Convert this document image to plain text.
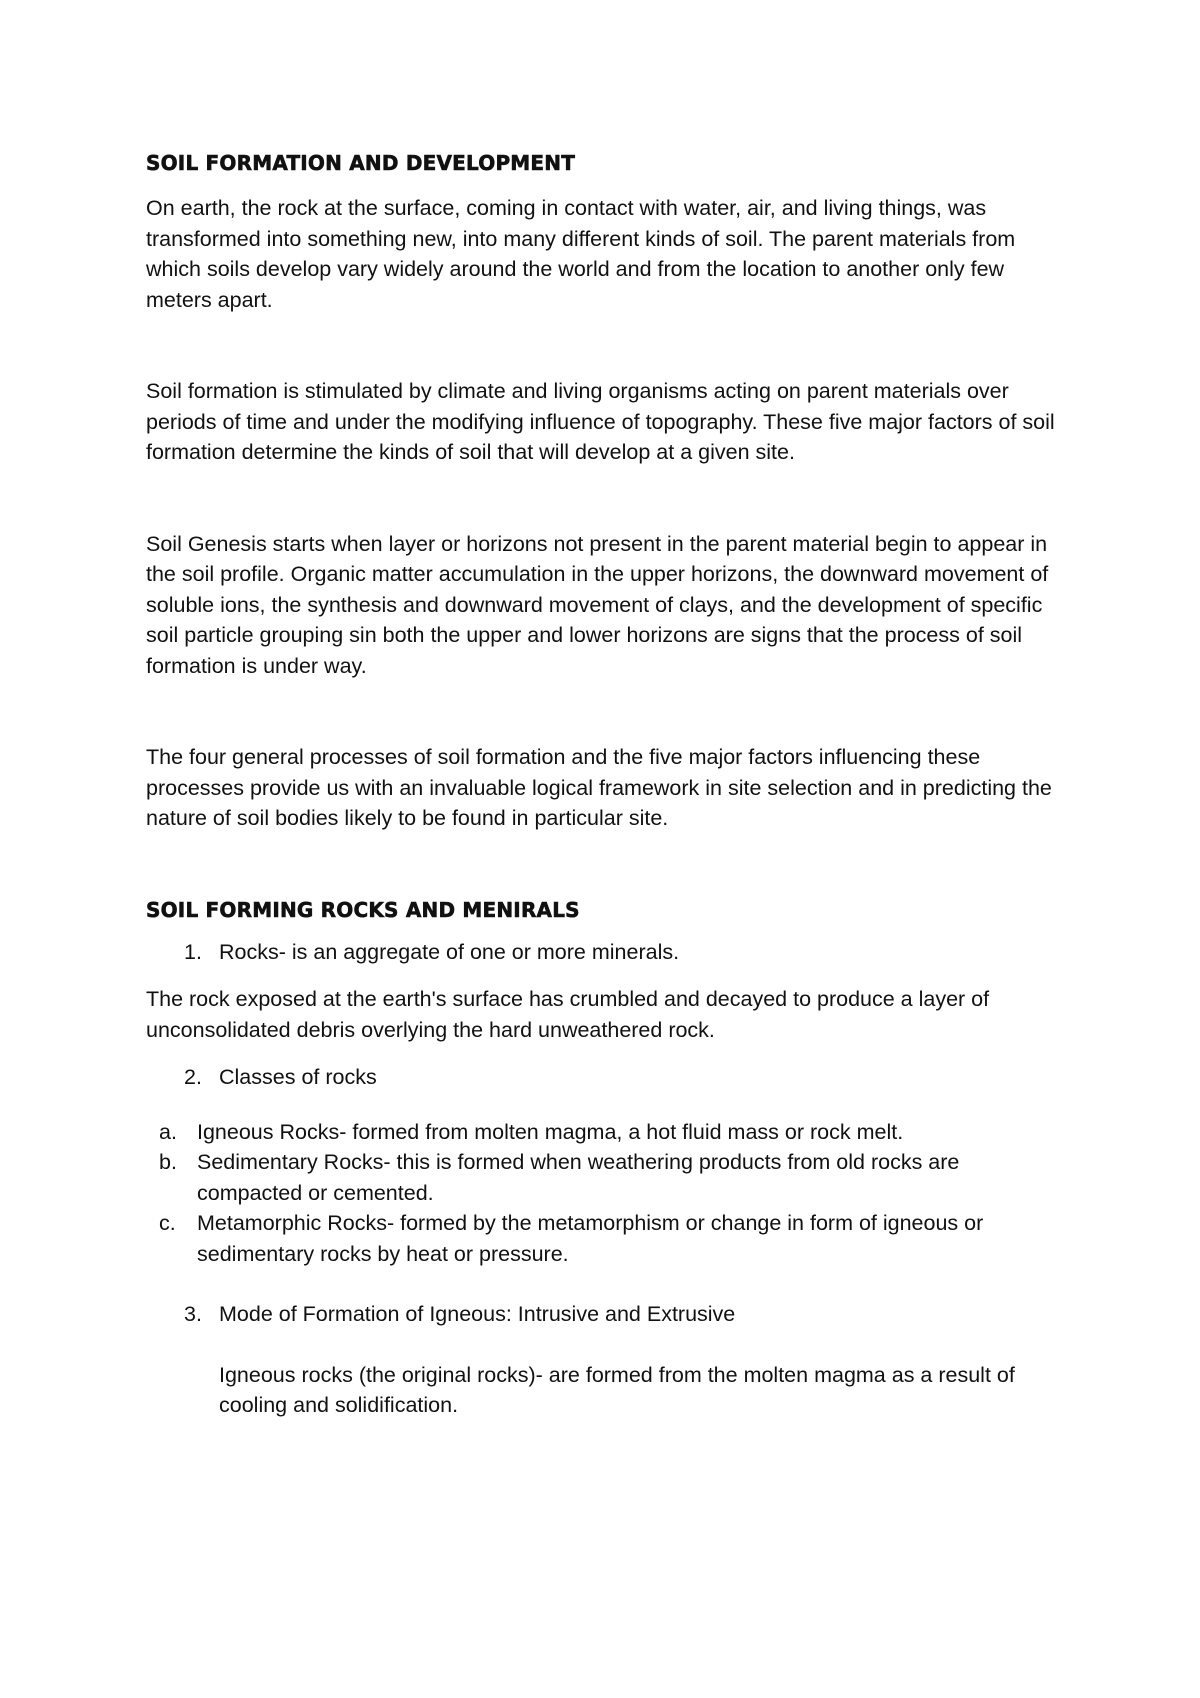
SOIL FORMATION AND DEVELOPMENT

On earth, the rock at the surface, coming in contact with water, air, and living things, was transformed into something new, into many different kinds of soil. The parent materials from which soils develop vary widely around the world and from the location to another only few meters apart.

Soil formation is stimulated by climate and living organisms acting on parent materials over periods of time and under the modifying influence of topography. These five major factors of soil formation determine the kinds of soil that will develop at a given site.

Soil Genesis starts when layer or horizons not present in the parent material begin to appear in the soil profile. Organic matter accumulation in the upper horizons, the downward movement of soluble ions, the synthesis and downward movement of clays, and the development of specific soil particle grouping sin both the upper and lower horizons are signs that the process of soil formation is under way.

The four general processes of soil formation and the five major factors influencing these processes provide us with an invaluable logical framework in site selection and in predicting the nature of soil bodies likely to be found in particular site.

SOIL FORMING ROCKS AND MENIRALS
1. Rocks- is an aggregate of one or more minerals.

The rock exposed at the earth's surface has crumbled and decayed to produce a layer of unconsolidated debris overlying the hard unweathered rock.

2. Classes of rocks
a. Igneous Rocks- formed from molten magma, a hot fluid mass or rock melt.
b. Sedimentary Rocks- this is formed when weathering products from old rocks are compacted or cemented.
c. Metamorphic Rocks- formed by the metamorphism or change in form of igneous or sedimentary rocks by heat or pressure.
3. Mode of Formation of Igneous: Intrusive and Extrusive

Igneous rocks (the original rocks)- are formed from the molten magma as a result of cooling and solidification.
